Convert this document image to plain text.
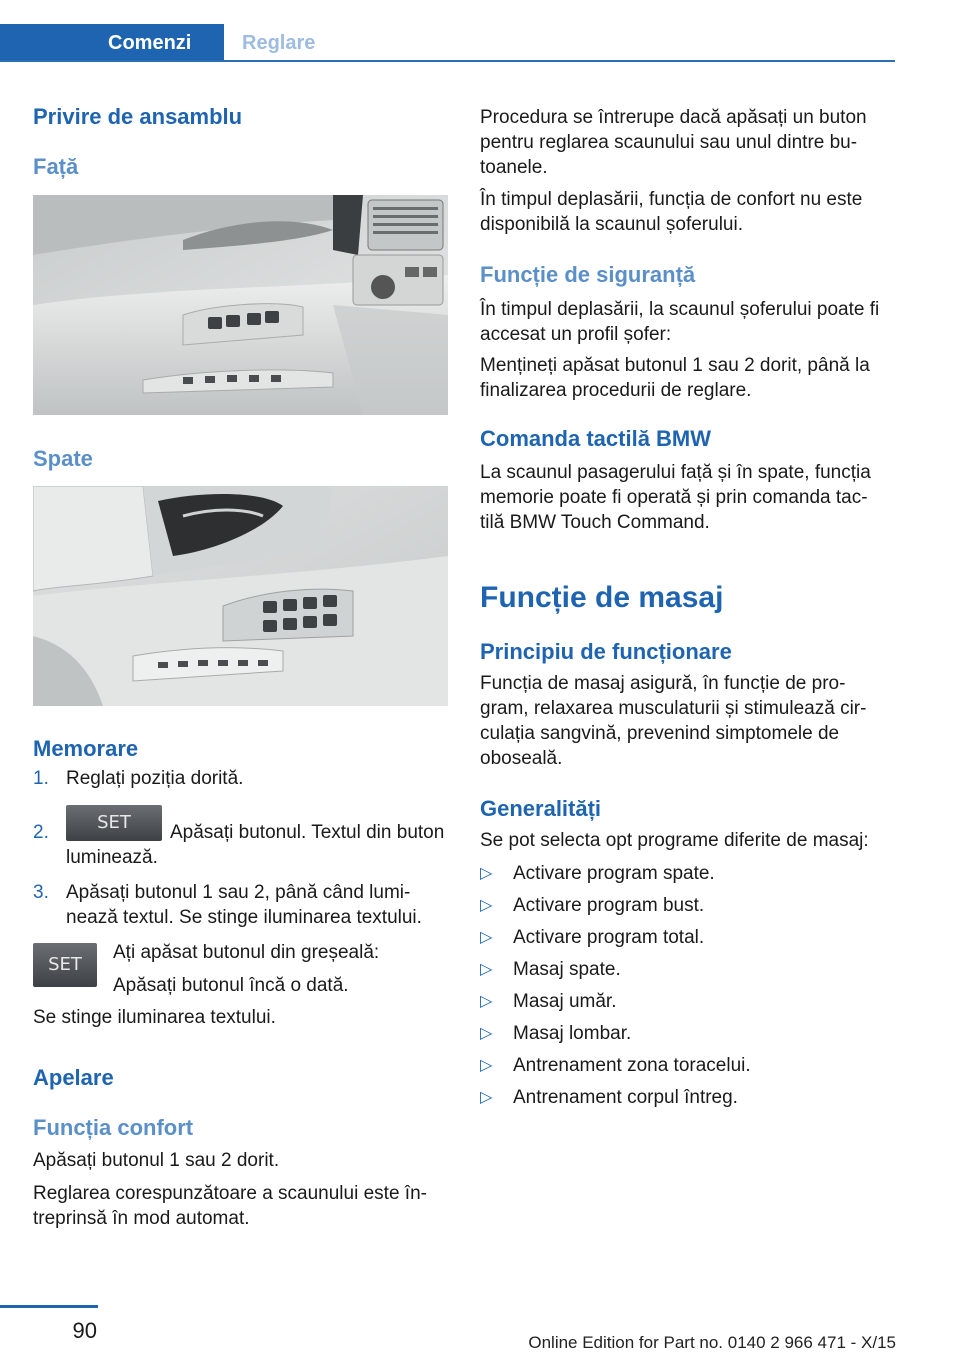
Comenzi	Reglare
Privire de ansamblu
Față
Spate
Memorare
1. Reglați poziția dorită.
2.	SET	Apăsați butonul. Textul din buton
luminează.
3. Apăsați butonul 1 sau 2, până când lumi-
nează textul. Se stinge iluminarea textului.
SET
Ați apăsat butonul din greșeală:
Apăsați butonul încă o dată.
Se stinge iluminarea textului.
Apelare
Funcția confort
Apăsați butonul 1 sau 2 dorit.
Reglarea corespunzătoare a scaunului este în-
treprinsă în mod automat.
Procedura se întrerupe dacă apăsați un buton
pentru reglarea scaunului sau unul dintre bu-
toanele.
În timpul deplasării, funcția de confort nu este
disponibilă la scaunul șoferului.
Funcție de siguranță
În timpul deplasării, la scaunul șoferului poate fi
accesat un profil șofer:
Mențineți apăsat butonul 1 sau 2 dorit, până la
finalizarea procedurii de reglare.
Comanda tactilă BMW
La scaunul pasagerului față și în spate, funcția
memorie poate fi operată și prin comanda tac-
tilă BMW Touch Command.
Funcție de masaj
Principiu de funcționare
Funcția de masaj asigură, în funcție de pro-
gram, relaxarea musculaturii și stimulează cir-
culația sangvină, prevenind simptomele de
oboseală.
Generalități
Se pot selecta opt programe diferite de masaj:
▷ Activare program spate.
▷ Activare program bust.
▷ Activare program total.
▷ Masaj spate.
▷ Masaj umăr.
▷ Masaj lombar.
▷ Antrenament zona toracelui.
▷ Antrenament corpul întreg.
90	Online Edition for Part no. 0140 2 966 471 - X/15
